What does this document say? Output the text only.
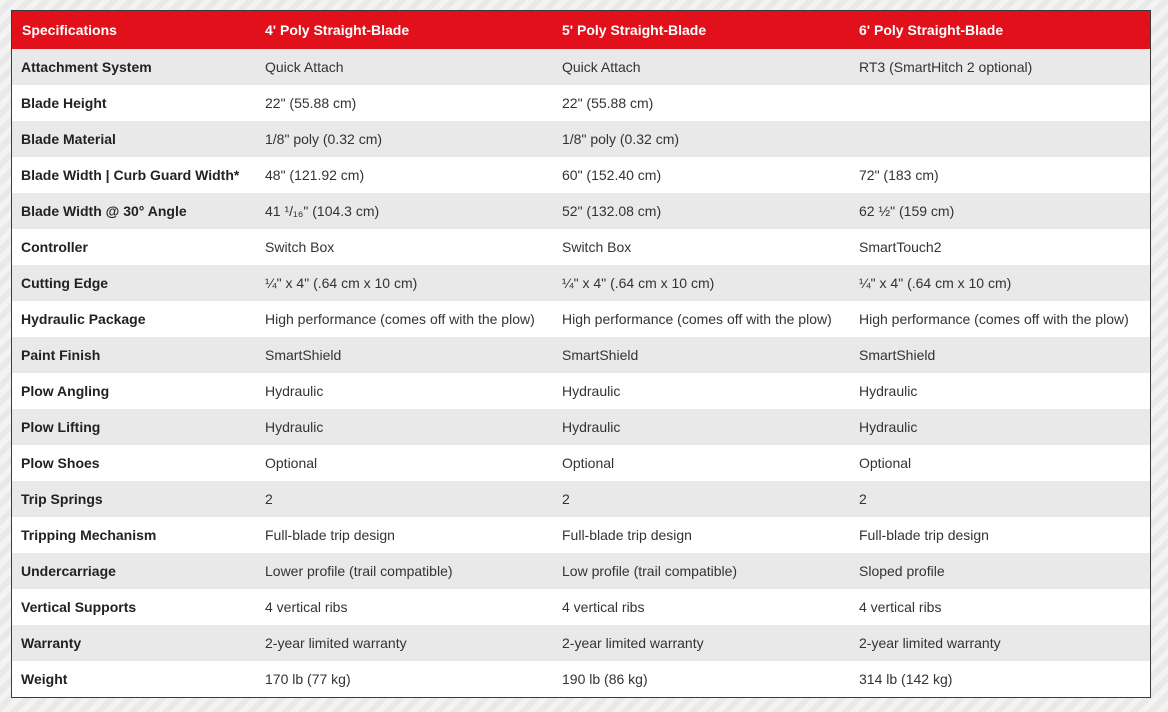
Specifications	4' Poly Straight-Blade	5' Poly Straight-Blade	6' Poly Straight-Blade
Attachment System	Quick Attach	Quick Attach	RT3 (SmartHitch 2 optional)
Blade Height	22" (55.88 cm)	22" (55.88 cm)	
Blade Material	1/8" poly (0.32 cm)	1/8" poly (0.32 cm)	
Blade Width | Curb Guard Width*	48" (121.92 cm)	60" (152.40 cm)	72" (183 cm)
Blade Width @ 30° Angle	41 ¹/₁₆" (104.3 cm)	52" (132.08 cm)	62 ½" (159 cm)
Controller	Switch Box	Switch Box	SmartTouch2
Cutting Edge	¼" x 4" (.64 cm x 10 cm)	¼" x 4" (.64 cm x 10 cm)	¼" x 4" (.64 cm x 10 cm)
Hydraulic Package	High performance (comes off with the plow)	High performance (comes off with the plow)	High performance (comes off with the plow)
Paint Finish	SmartShield	SmartShield	SmartShield
Plow Angling	Hydraulic	Hydraulic	Hydraulic
Plow Lifting	Hydraulic	Hydraulic	Hydraulic
Plow Shoes	Optional	Optional	Optional
Trip Springs	2	2	2
Tripping Mechanism	Full-blade trip design	Full-blade trip design	Full-blade trip design
Undercarriage	Lower profile (trail compatible)	Low profile (trail compatible)	Sloped profile
Vertical Supports	4 vertical ribs	4 vertical ribs	4 vertical ribs
Warranty	2-year limited warranty	2-year limited warranty	2-year limited warranty
Weight	170 lb (77 kg)	190 lb (86 kg)	314 lb (142 kg)
